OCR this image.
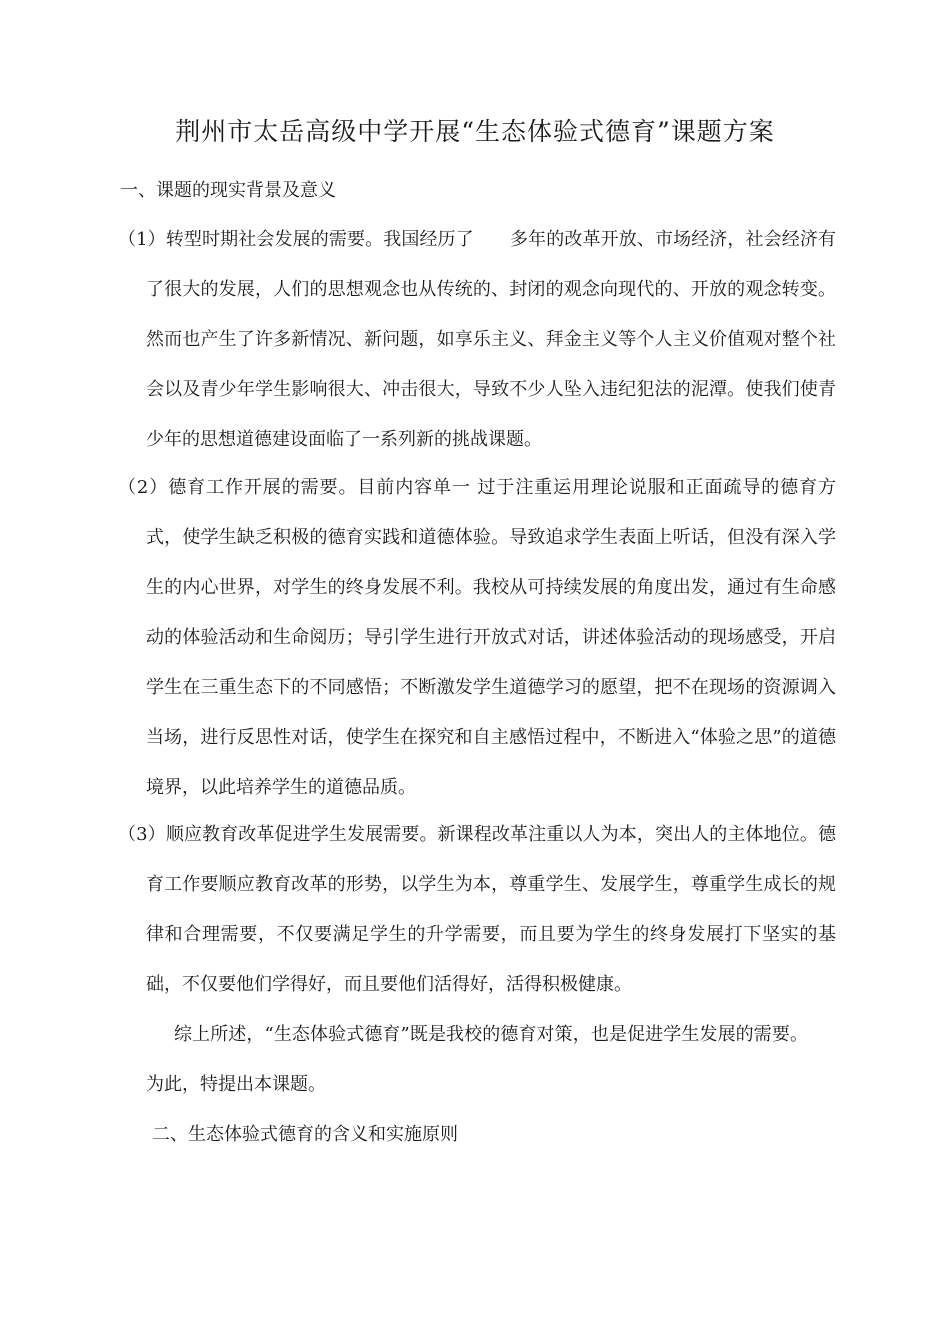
荆州市太岳高级中学开展“生态体验式德育”课题方案
一、课题的现实背景及意义
（1）转型时期社会发展的需要。我国经历了　　多年的改革开放、市场经济，社会经济有了很大的发展，人们的思想观念也从传统的、封闭的观念向现代的、开放的观念转变。然而也产生了许多新情况、新问题，如享乐主义、拜金主义等个人主义价值观对整个社会以及青少年学生影响很大、冲击很大，导致不少人坠入违纪犯法的泥潭。使我们使青少年的思想道德建设面临了一系列新的挑战课题。
（2）德育工作开展的需要。目前内容单一 过于注重运用理论说服和正面疏导的德育方式，使学生缺乏积极的德育实践和道德体验。导致追求学生表面上听话，但没有深入学生的内心世界，对学生的终身发展不利。我校从可持续发展的角度出发，通过有生命感动的体验活动和生命阅历；导引学生进行开放式对话，讲述体验活动的现场感受，开启学生在三重生态下的不同感悟；不断激发学生道德学习的愿望，把不在现场的资源调入当场，进行反思性对话，使学生在探究和自主感悟过程中，不断进入“体验之思”的道德境界，以此培养学生的道德品质。
（3）顺应教育改革促进学生发展需要。新课程改革注重以人为本，突出人的主体地位。德育工作要顺应教育改革的形势，以学生为本，尊重学生、发展学生，尊重学生成长的规律和合理需要，不仅要满足学生的升学需要，而且要为学生的终身发展打下坚实的基础，不仅要他们学得好，而且要他们活得好，活得积极健康。
综上所述，“生态体验式德育”既是我校的德育对策，也是促进学生发展的需要。为此，特提出本课题。
二、生态体验式德育的含义和实施原则
